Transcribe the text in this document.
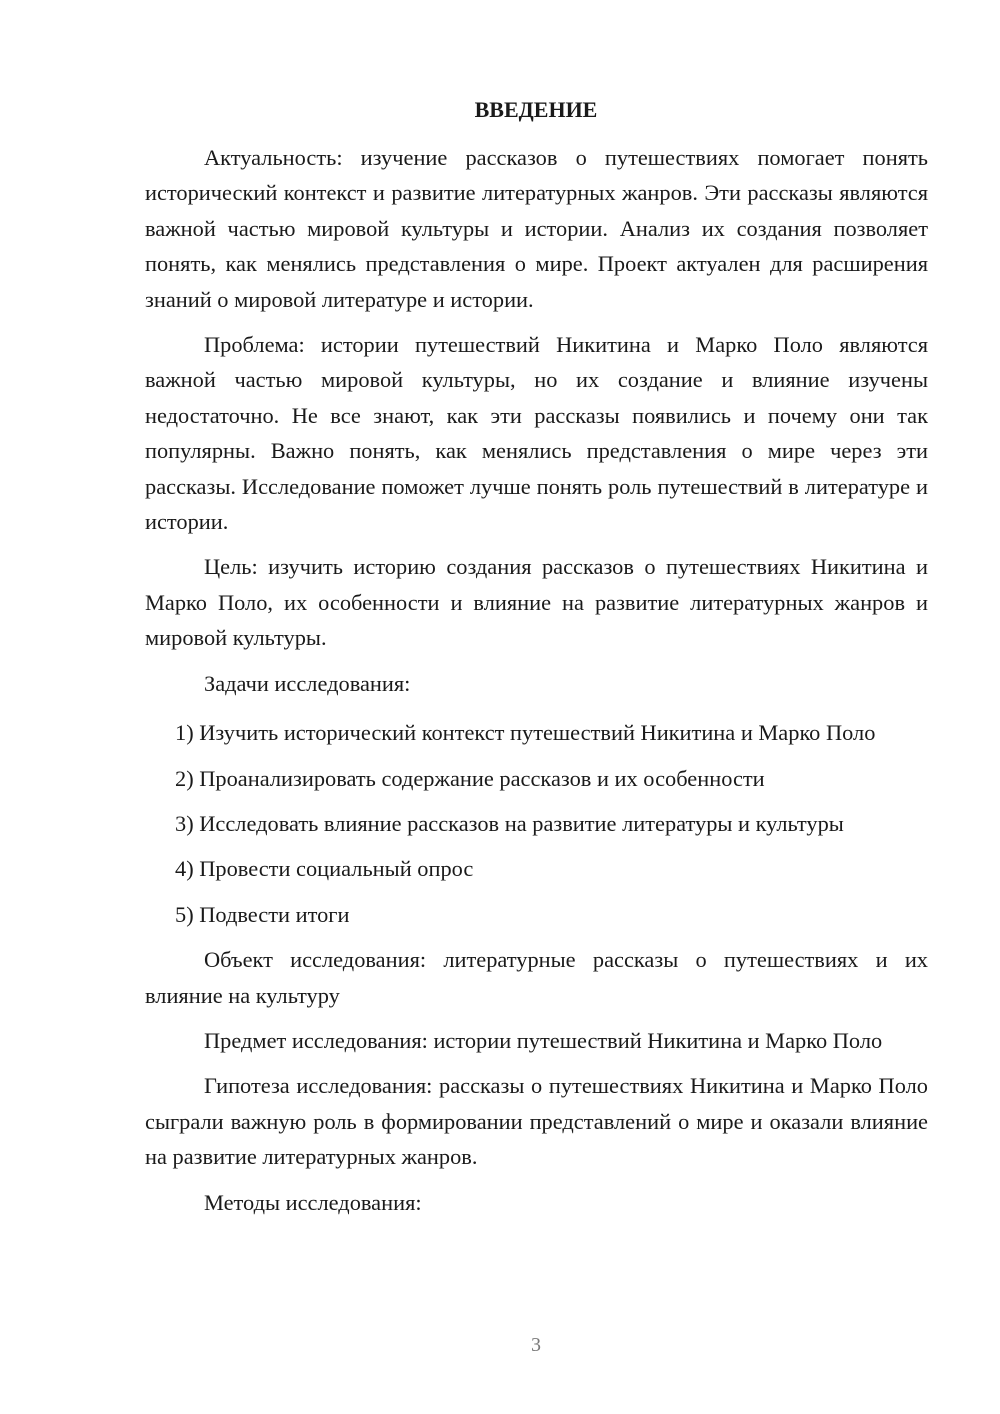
ВВЕДЕНИЕ

Актуальность: изучение рассказов о путешествиях помогает понять исторический контекст и развитие литературных жанров. Эти рассказы являются важной частью мировой культуры и истории. Анализ их создания позволяет понять, как менялись представления о мире. Проект актуален для расширения знаний о мировой литературе и истории.

Проблема: истории путешествий Никитина и Марко Поло являются важной частью мировой культуры, но их создание и влияние изучены недостаточно. Не все знают, как эти рассказы появились и почему они так популярны. Важно понять, как менялись представления о мире через эти рассказы. Исследование поможет лучше понять роль путешествий в литературе и истории.

Цель: изучить историю создания рассказов о путешествиях Никитина и Марко Поло, их особенности и влияние на развитие литературных жанров и мировой культуры.

Задачи исследования:

1) Изучить исторический контекст путешествий Никитина и Марко Поло

2) Проанализировать содержание рассказов и их особенности

3) Исследовать влияние рассказов на развитие литературы и культуры

4) Провести социальный опрос

5) Подвести итоги

Объект исследования: литературные рассказы о путешествиях и их влияние на культуру

Предмет исследования: истории путешествий Никитина и Марко Поло

Гипотеза исследования: рассказы о путешествиях Никитина и Марко Поло сыграли важную роль в формировании представлений о мире и оказали влияние на развитие литературных жанров.

Методы исследования:

3
